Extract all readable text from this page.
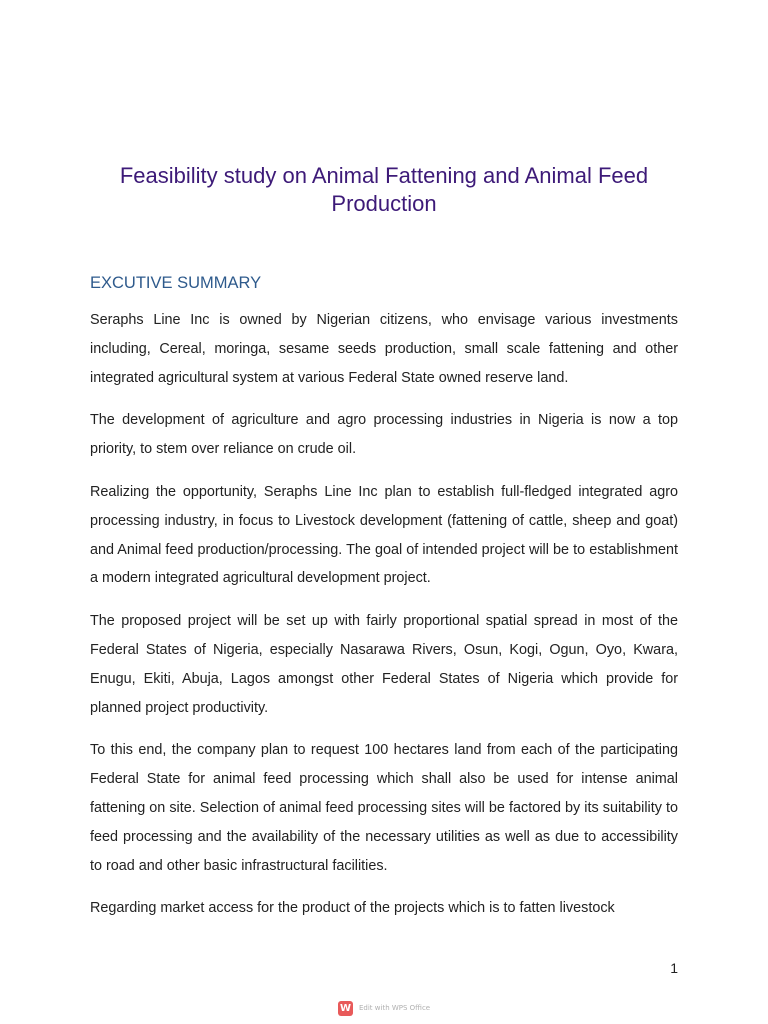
Feasibility study on Animal Fattening and Animal Feed Production
EXCUTIVE SUMMARY

Seraphs Line Inc is owned by Nigerian citizens, who envisage various investments including, Cereal, moringa, sesame seeds production, small scale fattening and other integrated agricultural system at various Federal State owned reserve land.

The development of agriculture and agro processing industries in Nigeria is now a top priority, to stem over reliance on crude oil.

Realizing the opportunity, Seraphs Line Inc plan to establish full-fledged integrated agro processing industry, in focus to Livestock development (fattening of cattle, sheep and goat) and Animal feed production/processing. The goal of intended project will be to establishment a modern integrated agricultural development project.

The proposed project will be set up with fairly proportional spatial spread in most of the Federal States of Nigeria, especially Nasarawa Rivers, Osun, Kogi, Ogun, Oyo, Kwara, Enugu, Ekiti, Abuja, Lagos amongst other Federal States of Nigeria which provide for planned project productivity.

To this end, the company plan to request 100 hectares land from each of the participating Federal State for animal feed processing which shall also be used for intense animal fattening on site. Selection of animal feed processing sites will be factored by its suitability to feed processing and the availability of the necessary utilities as well as due to accessibility to road and other basic infrastructural facilities.

Regarding market access for the product of the projects which is to fatten livestock

1
W Edit with WPS Office
